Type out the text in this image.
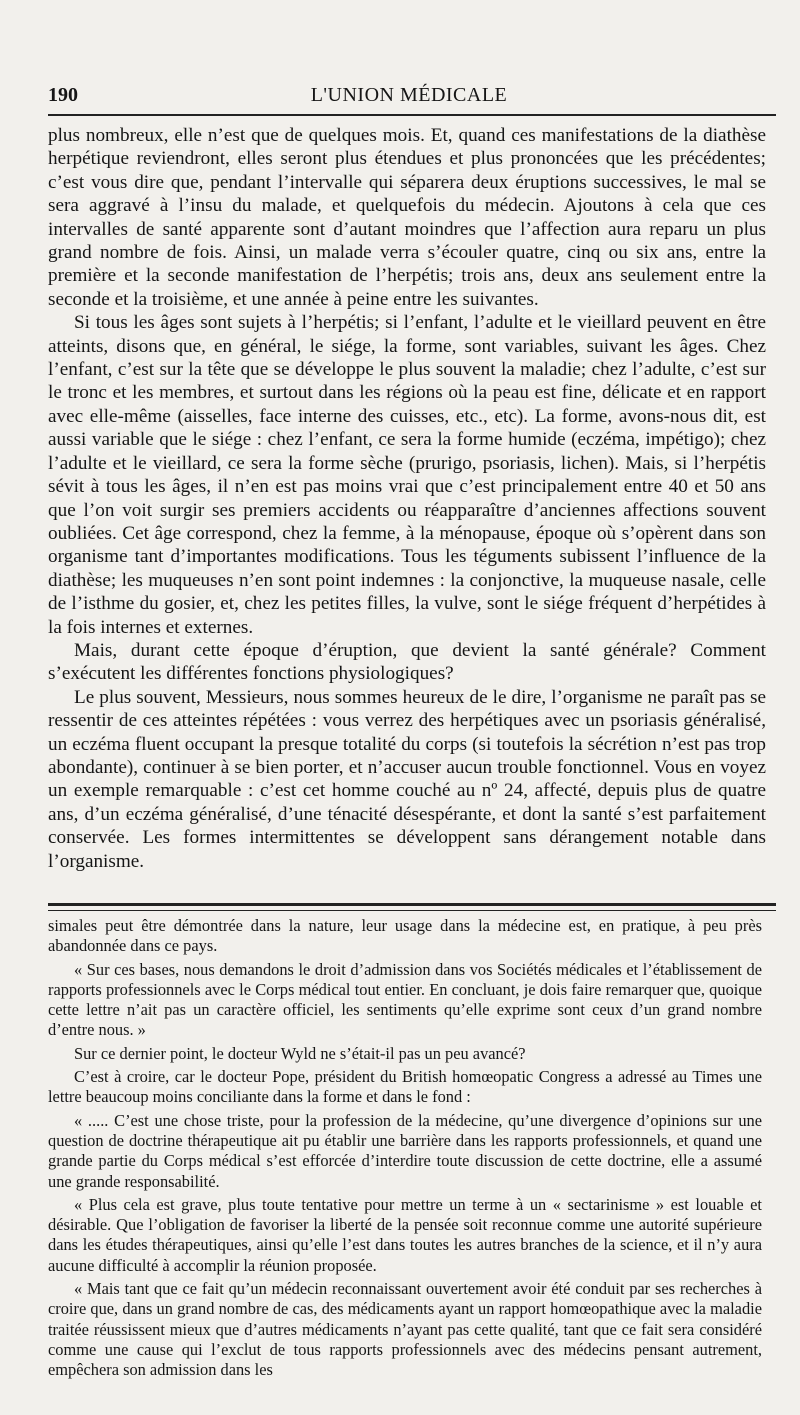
190	L'UNION MÉDICALE

plus nombreux, elle n’est que de quelques mois. Et, quand ces manifestations de la diathèse herpétique reviendront, elles seront plus étendues et plus prononcées que les précédentes; c’est vous dire que, pendant l’intervalle qui séparera deux éruptions successives, le mal se sera aggravé à l’insu du malade, et quelquefois du médecin. Ajoutons à cela que ces intervalles de santé apparente sont d’autant moindres que l’affection aura reparu un plus grand nombre de fois. Ainsi, un malade verra s’écouler quatre, cinq ou six ans, entre la première et la seconde manifestation de l’herpétis; trois ans, deux ans seulement entre la seconde et la troisième, et une année à peine entre les suivantes.

Si tous les âges sont sujets à l’herpétis; si l’enfant, l’adulte et le vieillard peuvent en être atteints, disons que, en général, le siége, la forme, sont variables, suivant les âges. Chez l’enfant, c’est sur la tête que se développe le plus souvent la maladie; chez l’adulte, c’est sur le tronc et les membres, et surtout dans les régions où la peau est fine, délicate et en rapport avec elle-même (aisselles, face interne des cuisses, etc., etc). La forme, avons-nous dit, est aussi variable que le siége : chez l’enfant, ce sera la forme humide (eczéma, impétigo); chez l’adulte et le vieillard, ce sera la forme sèche (prurigo, psoriasis, lichen). Mais, si l’herpétis sévit à tous les âges, il n’en est pas moins vrai que c’est principalement entre 40 et 50 ans que l’on voit surgir ses premiers accidents ou réapparaître d’anciennes affections souvent oubliées. Cet âge correspond, chez la femme, à la ménopause, époque où s’opèrent dans son organisme tant d’importantes modifications. Tous les téguments subissent l’influence de la diathèse; les muqueuses n’en sont point indemnes : la conjonctive, la muqueuse nasale, celle de l’isthme du gosier, et, chez les petites filles, la vulve, sont le siége fréquent d’herpétides à la fois internes et externes.

Mais, durant cette époque d’éruption, que devient la santé générale? Comment s’exécutent les différentes fonctions physiologiques?

Le plus souvent, Messieurs, nous sommes heureux de le dire, l’organisme ne paraît pas se ressentir de ces atteintes répétées : vous verrez des herpétiques avec un psoriasis généralisé, un eczéma fluent occupant la presque totalité du corps (si toutefois la sécrétion n’est pas trop abondante), continuer à se bien porter, et n’accuser aucun trouble fonctionnel. Vous en voyez un exemple remarquable : c’est cet homme couché au nº 24, affecté, depuis plus de quatre ans, d’un eczéma généralisé, d’une ténacité désespérante, et dont la santé s’est parfaitement conservée. Les formes intermittentes se développent sans dérangement notable dans l’organisme.

simales peut être démontrée dans la nature, leur usage dans la médecine est, en pratique, à peu près abandonnée dans ce pays.

« Sur ces bases, nous demandons le droit d’admission dans vos Sociétés médicales et l’établissement de rapports professionnels avec le Corps médical tout entier. En concluant, je dois faire remarquer que, quoique cette lettre n’ait pas un caractère officiel, les sentiments qu’elle exprime sont ceux d’un grand nombre d’entre nous. »

Sur ce dernier point, le docteur Wyld ne s’était-il pas un peu avancé?

C’est à croire, car le docteur Pope, président du British homœopatic Congress a adressé au Times une lettre beaucoup moins conciliante dans la forme et dans le fond :

« ..... C’est une chose triste, pour la profession de la médecine, qu’une divergence d’opinions sur une question de doctrine thérapeutique ait pu établir une barrière dans les rapports professionnels, et quand une grande partie du Corps médical s’est efforcée d’interdire toute discussion de cette doctrine, elle a assumé une grande responsabilité.

« Plus cela est grave, plus toute tentative pour mettre un terme à un « sectarinisme » est louable et désirable. Que l’obligation de favoriser la liberté de la pensée soit reconnue comme une autorité supérieure dans les études thérapeutiques, ainsi qu’elle l’est dans toutes les autres branches de la science, et il n’y aura aucune difficulté à accomplir la réunion proposée.

« Mais tant que ce fait qu’un médecin reconnaissant ouvertement avoir été conduit par ses recherches à croire que, dans un grand nombre de cas, des médicaments ayant un rapport homœopathique avec la maladie traitée réussissent mieux que d’autres médicaments n’ayant pas cette qualité, tant que ce fait sera considéré comme une cause qui l’exclut de tous rapports professionnels avec des médecins pensant autrement, empêchera son admission dans les
